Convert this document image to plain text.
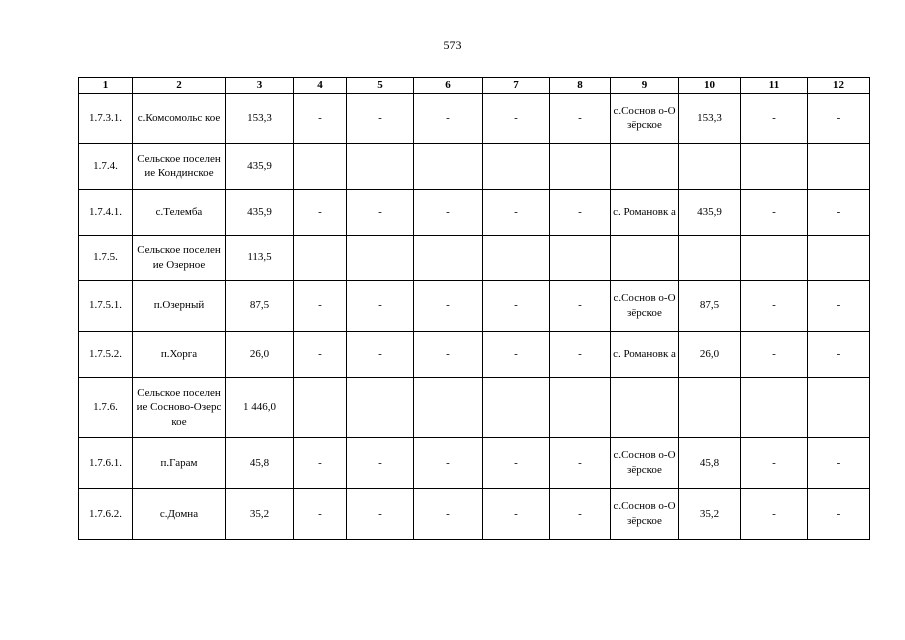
573
1	2	3	4	5	6	7	8	9	10	11	12
1.7.3.1.	с.Комсомольс кое	153,3	-	-	-	-	-	с.Соснов о-Озёрское	153,3	-	-
1.7.4.	Сельское поселение Кондинское	435,9									
1.7.4.1.	с.Телемба	435,9	-	-	-	-	-	с. Романовк а	435,9	-	-
1.7.5.	Сельское поселение Озерное	113,5									
1.7.5.1.	п.Озерный	87,5	-	-	-	-	-	с.Соснов о-Озёрское	87,5	-	-
1.7.5.2.	п.Хорга	26,0	-	-	-	-	-	с. Романовк а	26,0	-	-
1.7.6.	Сельское поселение Сосново-Озерское	1 446,0									
1.7.6.1.	п.Гарам	45,8	-	-	-	-	-	с.Соснов о-Озёрское	45,8	-	-
1.7.6.2.	с.Домна	35,2	-	-	-	-	-	с.Соснов о-Озёрское	35,2	-	-
